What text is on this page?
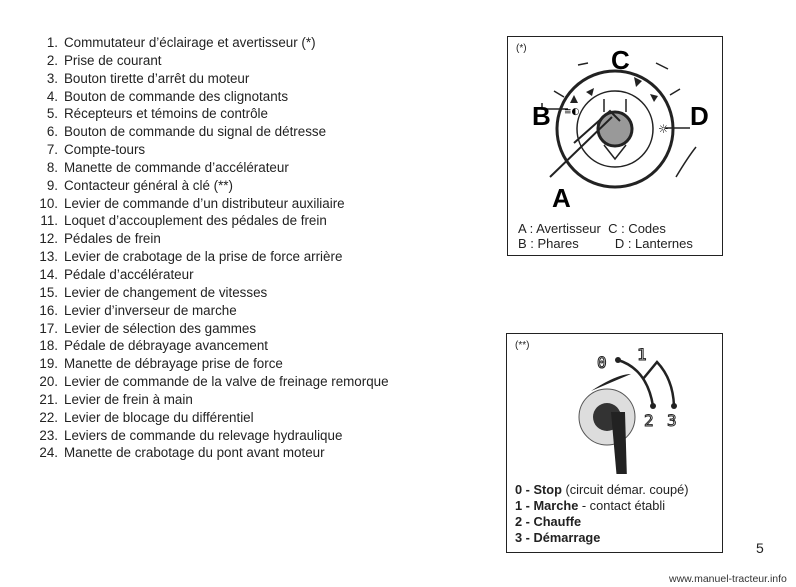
1. Commutateur d’éclairage et avertisseur (*)
2. Prise de courant
3. Bouton tirette d’arrêt du moteur
4. Bouton de commande des clignotants
5. Récepteurs et témoins de contrôle
6. Bouton de commande du signal de détresse
7. Compte-tours
8. Manette de commande d’accélérateur
9. Contacteur général à clé (**)
10. Levier de commande d’un distributeur auxiliaire
11. Loquet d’accouplement des pédales de frein
12. Pédales de frein
13. Levier de crabotage de la prise de force arrière
14. Pédale d’accélérateur
15. Levier de changement de vitesses
16. Levier d’inverseur de marche
17. Levier de sélection des gammes
18. Pédale de débrayage avancement
19. Manette de débrayage prise de force
20. Levier de commande de la valve de freinage remorque
21. Levier de frein à main
22. Levier de blocage du différentiel
23. Leviers de commande du relevage hydraulique
24. Manette de crabotage du pont avant moteur
(*)
≡◐
☼
A
B
C
D
A : Avertisseur  C : Codes
B : Phares          D : Lanternes
(**)
0 1
2 3
0 - Stop (circuit démar. coupé)
1 - Marche - contact établi
2 - Chauffe
3 - Démarrage
5
www.manuel-tracteur.info
